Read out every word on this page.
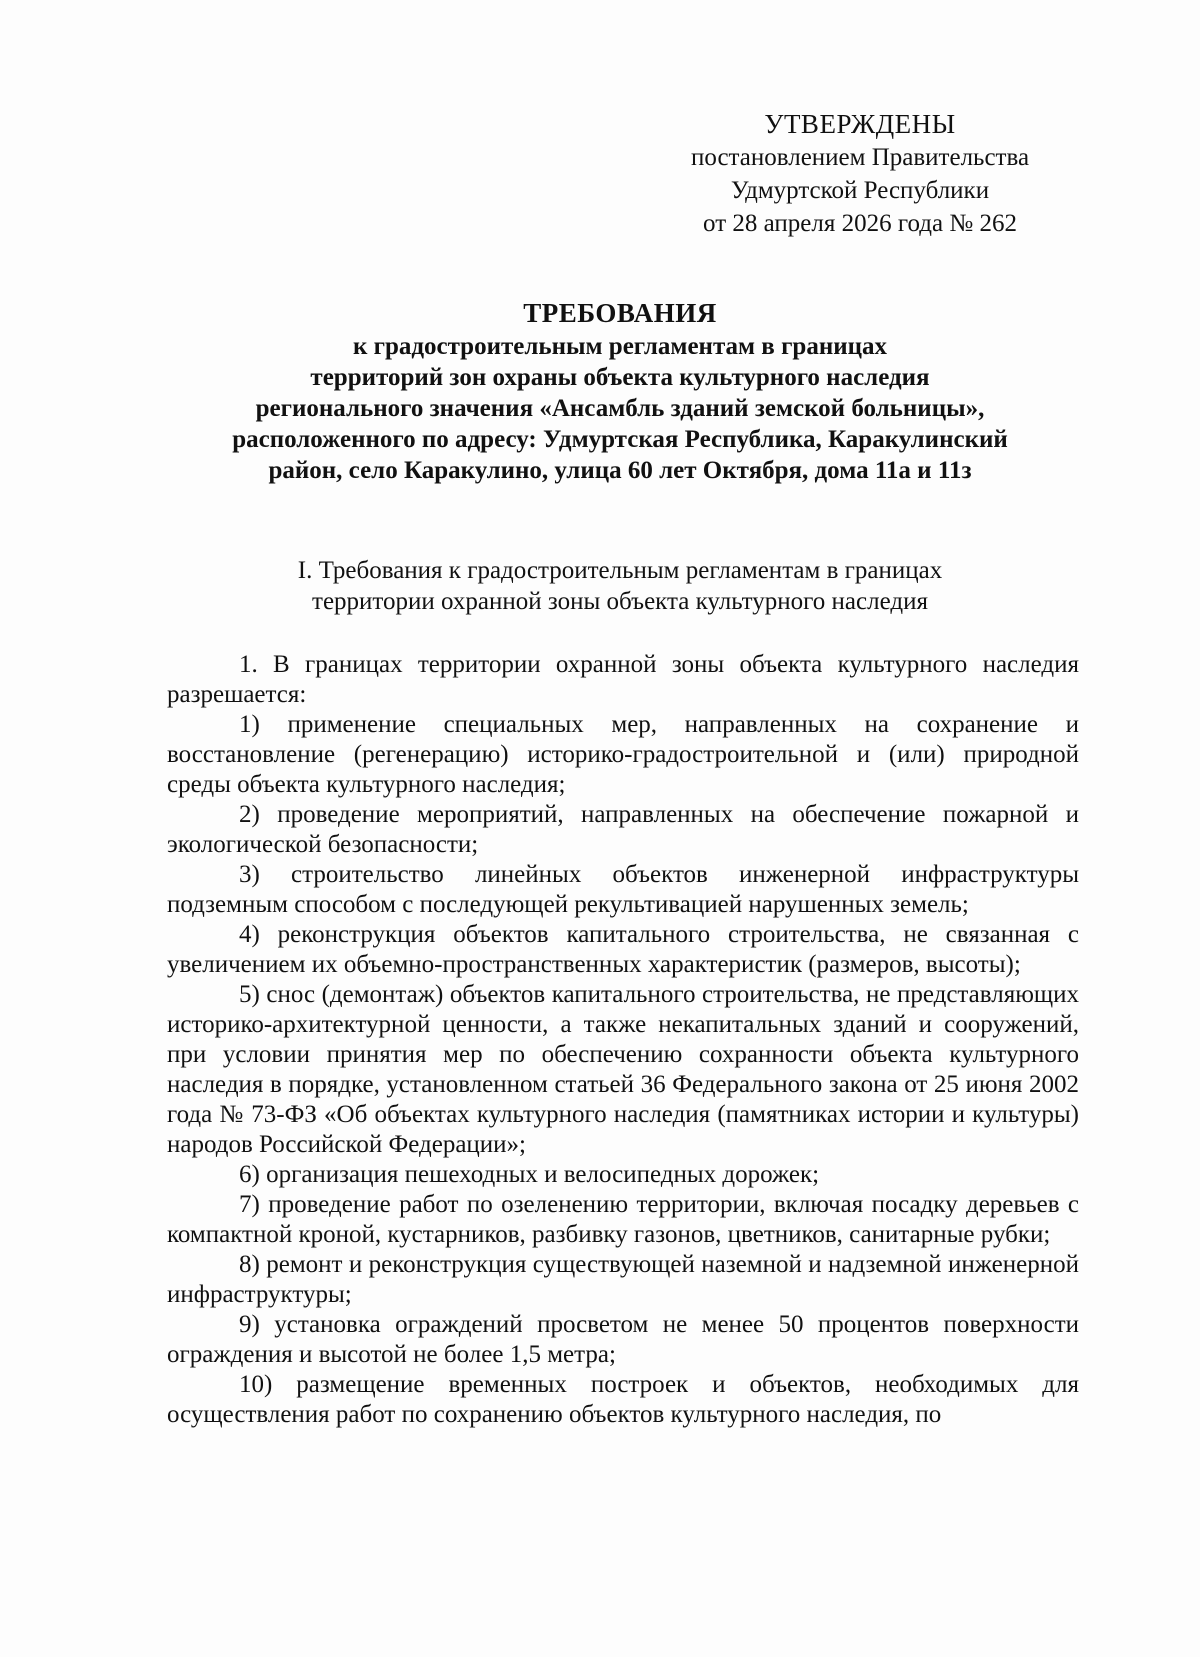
УТВЕРЖДЕНЫ
постановлением Правительства
Удмуртской Республики
от 28 апреля 2026 года № 262
ТРЕБОВАНИЯ
к градостроительным регламентам в границах
территорий зон охраны объекта культурного наследия
регионального значения «Ансамбль зданий земской больницы»,
расположенного по адресу: Удмуртская Республика, Каракулинский
район, село Каракулино, улица 60 лет Октября, дома 11а и 11з
I. Требования к градостроительным регламентам в границах
территории охранной зоны объекта культурного наследия

1. В границах территории охранной зоны объекта культурного наследия разрешается:

1) применение специальных мер, направленных на сохранение и восстановление (регенерацию) историко-градостроительной и (или) природной среды объекта культурного наследия;

2) проведение мероприятий, направленных на обеспечение пожарной и экологической безопасности;

3) строительство линейных объектов инженерной инфраструктуры подземным способом с последующей рекультивацией нарушенных земель;

4) реконструкция объектов капитального строительства, не связанная с увеличением их объемно-пространственных характеристик (размеров, высоты);

5) снос (демонтаж) объектов капитального строительства, не представляющих историко-архитектурной ценности, а также некапитальных зданий и сооружений, при условии принятия мер по обеспечению сохранности объекта культурного наследия в порядке, установленном статьей 36 Федерального закона от 25 июня 2002 года № 73-ФЗ «Об объектах культурного наследия (памятниках истории и культуры) народов Российской Федерации»;

6) организация пешеходных и велосипедных дорожек;

7) проведение работ по озеленению территории, включая посадку деревьев с компактной кроной, кустарников, разбивку газонов, цветников, санитарные рубки;

8) ремонт и реконструкция существующей наземной и надземной инженерной инфраструктуры;

9) установка ограждений просветом не менее 50 процентов поверхности ограждения и высотой не более 1,5 метра;

10) размещение временных построек и объектов, необходимых для осуществления работ по сохранению объектов культурного наследия, по
